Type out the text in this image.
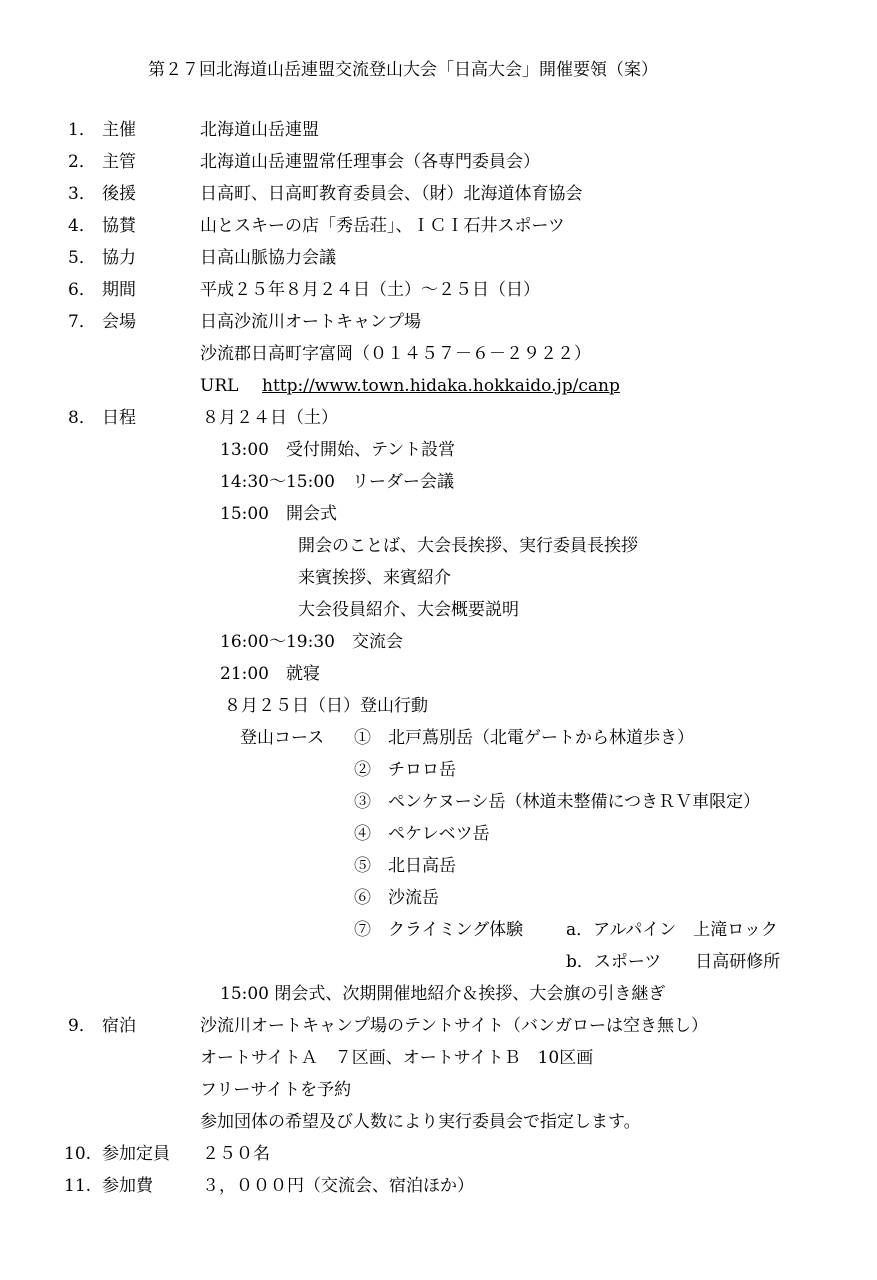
第２７回北海道山岳連盟交流登山大会「日高大会」開催要領（案）
1． 主催	北海道山岳連盟
2． 主管	北海道山岳連盟常任理事会（各専門委員会）
3． 後援	日高町、日高町教育委員会、（財）北海道体育協会
4． 協賛	山とスキーの店「秀岳荘」、ＩＣＩ石井スポーツ
5． 協力	日高山脈協力会議
6． 期間	平成２５年８月２４日（土）～２５日（日）
7． 会場	日高沙流川オートキャンプ場
沙流郡日高町字富岡（０１４５７－６－２９２２）
URL http://www.town.hidaka.hokkaido.jp/canp
8． 日程	８月２４日（土）
13:00　受付開始、テント設営
14:30～15:00　リーダー会議
15:00　開会式
開会のことば、大会長挨拶、実行委員長挨拶
来賓挨拶、来賓紹介
大会役員紹介、大会概要説明
16:00～19:30　交流会
21:00　就寝
８月２５日（日）登山行動
登山コース ①　北戸蔦別岳（北電ゲートから林道歩き）
②　チロロ岳
③　ペンケヌーシ岳（林道未整備につきＲＶ車限定）
④　ペケレベツ岳
⑤　北日高岳
⑥　沙流岳
⑦　クライミング体験	a．アルパイン　上滝ロック
b．スポーツ　　日高研修所
15:00 閉会式、次期開催地紹介＆挨拶、大会旗の引き継ぎ
9． 宿泊	沙流川オートキャンプ場のテントサイト（バンガローは空き無し）
オートサイトＡ　７区画、オートサイトＢ　10区画
フリーサイトを予約
参加団体の希望及び人数により実行委員会で指定します。
10. 参加定員 ２５０名
11. 参加費	３，０００円（交流会、宿泊ほか）
